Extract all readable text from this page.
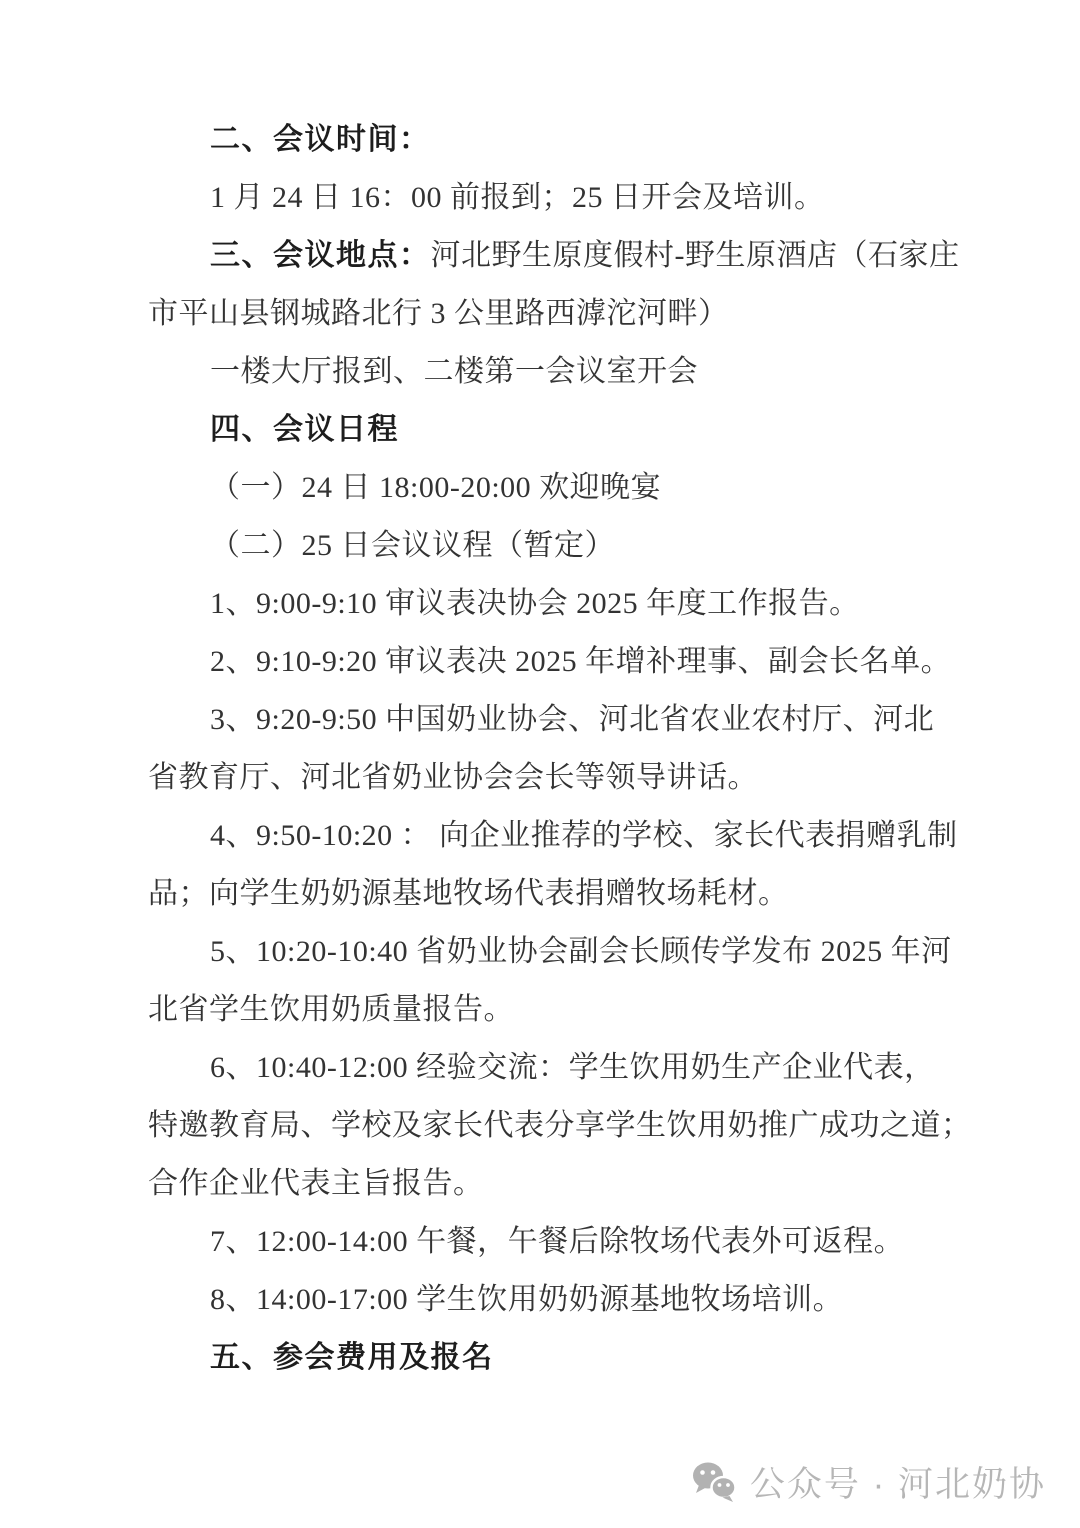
二、会议时间：
1 月 24 日 16：00 前报到；25 日开会及培训。
三、会议地点：河北野生原度假村-野生原酒店（石家庄
市平山县钢城路北行 3 公里路西滹沱河畔）
一楼大厅报到、二楼第一会议室开会
四、会议日程
（一）24 日 18:00-20:00 欢迎晚宴
（二）25 日会议议程（暂定）
1、9:00-9:10 审议表决协会 2025 年度工作报告。
2、9:10-9:20 审议表决 2025 年增补理事、副会长名单。
3、9:20-9:50 中国奶业协会、河北省农业农村厅、河北
省教育厅、河北省奶业协会会长等领导讲话。
4、9:50-10:20 ： 向企业推荐的学校、家长代表捐赠乳制
品；向学生奶奶源基地牧场代表捐赠牧场耗材。
5、10:20-10:40 省奶业协会副会长顾传学发布 2025 年河
北省学生饮用奶质量报告。
6、10:40-12:00 经验交流：学生饮用奶生产企业代表，
特邀教育局、学校及家长代表分享学生饮用奶推广成功之道；
合作企业代表主旨报告。
7、12:00-14:00 午餐，午餐后除牧场代表外可返程。
8、14:00-17:00 学生饮用奶奶源基地牧场培训。
五、参会费用及报名
公众号 · 河北奶协
